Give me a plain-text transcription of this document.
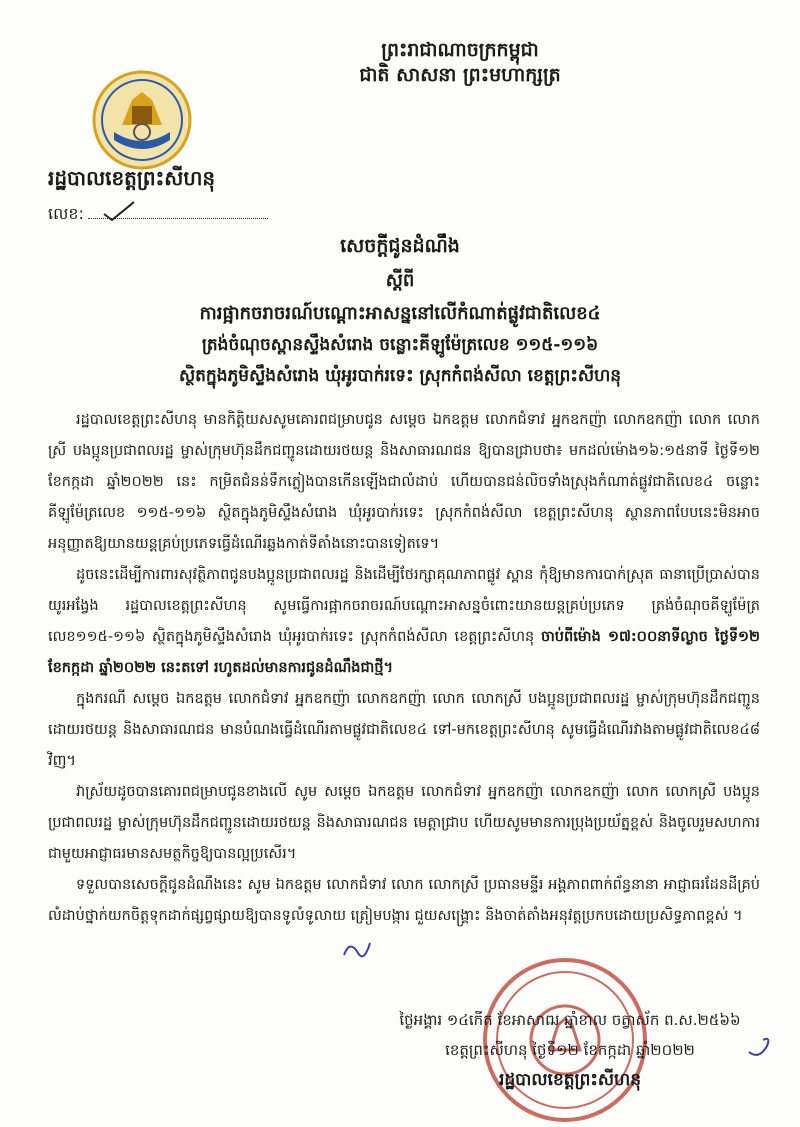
ព្រះរាជាណាចក្រកម្ពុជា
ជាតិ សាសនា ព្រះមហាក្សត្រ
រដ្ឋបាលខេត្តព្រះសីហនុ
លេខ:
សេចក្តីជូនដំណឹង
ស្តីពី
ការផ្អាកចរាចរណ៍បណ្ដោះអាសន្ននៅលើកំណាត់ផ្លូវជាតិលេខ៤
ត្រង់ចំណុចស្ពានស្ទឹងសំរោង ចន្លោះគីឡូម៉ែត្រលេខ ១១៥-១១៦
ស្ថិតក្នុងភូមិស្ទឹងសំរោង ឃុំអូរបាក់រទេះ ស្រុកកំពង់សីលា ខេត្តព្រះសីហនុ

រដ្ឋបាលខេត្តព្រះសីហនុ មានកិត្តិយសសូមគោរពជម្រាបជូន សម្តេច ឯកឧត្តម លោកជំទាវ អ្នកឧកញ៉ា លោកឧកញ៉ា លោក លោកស្រី បងប្អូនប្រជាពលរដ្ឋ ម្ចាស់ក្រុមហ៊ុនដឹកជញ្ជូនដោយរថយន្ត និងសាធារណជន ឱ្យបានជ្រាបថា៖ មកដល់ម៉ោង១៦:១៥នាទី ថ្ងៃទី១២ ខែកក្កដា ឆ្នាំ២០២២ នេះ កម្រិតជំនន់ទឹកភ្លៀងបានកើនឡើងជាលំដាប់ ហើយបានជន់លិចទាំងស្រុងកំណាត់ផ្លូវជាតិលេខ៤ ចន្លោះគីឡូម៉ែត្រលេខ ១១៥-១១៦ ស្ថិតក្នុងភូមិស្ទឹងសំរោង ឃុំអូរបាក់រទេះ ស្រុកកំពង់សីលា ខេត្តព្រះសីហនុ ស្ថានភាពបែបនេះមិនអាចអនុញ្ញាតឱ្យយានយន្តគ្រប់ប្រភេទធ្វើដំណើរឆ្លងកាត់ទីតាំងនោះបានទៀតទេ។

ដូចនេះដើម្បីការពារសុវត្ថិភាពជូនបងប្អូនប្រជាពលរដ្ឋ និងដើម្បីថែរក្សាគុណភាពផ្លូវ ស្ពាន កុំឱ្យមានការបាក់ស្រុត ធានាប្រើប្រាស់បានយូរអង្វែង រដ្ឋបាលខេត្តព្រះសីហនុ សូមធ្វើការផ្អាកចរាចរណ៍បណ្ដោះអាសន្នចំពោះយានយន្តគ្រប់ប្រភេទ ត្រង់ចំណុចគីឡូម៉ែត្រ លេខ១១៥-១១៦ ស្ថិតក្នុងភូមិស្ទឹងសំរោង ឃុំអូរបាក់រទេះ ស្រុកកំពង់សីលា ខេត្តព្រះសីហនុ ចាប់ពីម៉ោង ១៧:០០នាទីល្ងាច ថ្ងៃទី១២ ខែកក្កដា ឆ្នាំ២០២២ នេះតទៅ រហូតដល់មានការជូនដំណឹងជាថ្មី។

ក្នុងករណី សម្តេច ឯកឧត្តម លោកជំទាវ អ្នកឧកញ៉ា លោកឧកញ៉ា លោក លោកស្រី បងប្អូនប្រជាពលរដ្ឋ ម្ចាស់ក្រុមហ៊ុនដឹកជញ្ជូនដោយរថយន្ត និងសាធារណជន មានបំណងធ្វើដំណើរតាមផ្លូវជាតិលេខ៤ ទៅ-មកខេត្តព្រះសីហនុ សូមធ្វើដំណើរវាងតាមផ្លូវជាតិលេខ៤៨ វិញ។

វាស្រ័យដូចបានគោរពជម្រាបជូនខាងលើ សូម សម្តេច ឯកឧត្តម លោកជំទាវ អ្នកឧកញ៉ា លោកឧកញ៉ា លោក លោកស្រី បងប្អូនប្រជាពលរដ្ឋ ម្ចាស់ក្រុមហ៊ុនដឹកជញ្ជូនដោយរថយន្ត និងសាធារណជន មេត្តាជ្រាប ហើយសូមមានការប្រុងប្រយ័ត្នខ្ពស់ និងចូលរួមសហការជាមួយអាជ្ញាធរមានសមត្ថកិច្ចឱ្យបានល្អប្រសើរ។

ទទួលបានសេចក្តីជូនដំណឹងនេះ សូម ឯកឧត្តម លោកជំទាវ លោក លោកស្រី ប្រធានមន្ទីរ អង្គភាពពាក់ព័ន្ធនានា អាជ្ញាធរដែនដីគ្រប់លំដាប់ថ្នាក់យកចិត្តទុកដាក់ផ្សព្វផ្សាយឱ្យបានទូលំទូលាយ ត្រៀមបង្ការ ជួយសង្គ្រោះ និងចាត់តាំងអនុវត្តប្រកបដោយប្រសិទ្ធភាពខ្ពស់ ។

ថ្ងៃអង្គារ ១៤កើត ខែអាសាឍ ឆ្នាំខាល ចត្វាស័ក ព.ស.២៥៦៦
ខេត្តព្រះសីហនុ ថ្ងៃទី១២ ខែកក្កដា ឆ្នាំ២០២២
រដ្ឋបាលខេត្តព្រះសីហនុ
